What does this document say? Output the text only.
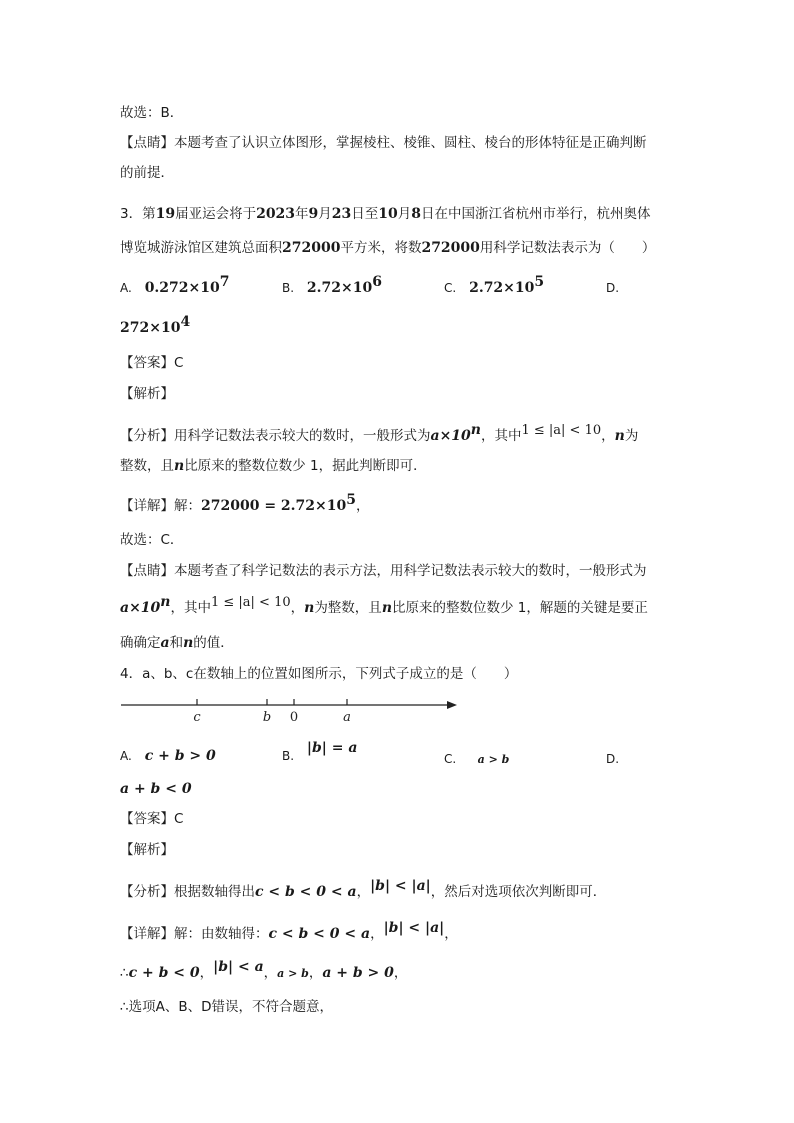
故选：B．
【点睛】本题考查了认识立体图形，掌握棱柱、棱锥、圆柱、棱台的形体特征是正确判断
的前提．
3．第19届亚运会将于2023年9月23日至10月8日在中国浙江省杭州市举行，杭州奥体
博览城游泳馆区建筑总面积272000平方米，将数272000用科学记数法表示为（　　）
A. $0.272\times 10^7$	B. $2.72\times 10^6$	C. $2.72\times 10^5$	D.
$272\times 10^4$
【答案】C
【解析】
【分析】用科学记数法表示较大的数时，一般形式为$a\times 10^n$，其中1 ≤ |a| < 10，n为
整数，且n比原来的整数位数少 1，据此判断即可．
【详解】解：$272000 = 2.72\times 10^5$，
故选：C．
【点睛】本题考查了科学记数法的表示方法，用科学记数法表示较大的数时，一般形式为
$a\times 10^n$，其中1 ≤ |a| < 10，n为整数，且n比原来的整数位数少 1，解题的关键是要正
确确定a和n的值．
4．a、b、c在数轴上的位置如图所示，下列式子成立的是（　　）
c	b 0	a
A. c + b > 0	B. |b| = a
C. a > b	D.
a + b < 0
【答案】C
【解析】
【分析】根据数轴得出c < b < 0 < a，|b| < |a|，然后对选项依次判断即可．
【详解】解：由数轴得：c < b < 0 < a，|b| < |a|，
∴c + b < 0，|b| < a，a > b，a + b > 0，
∴选项A、B、D错误，不符合题意，
